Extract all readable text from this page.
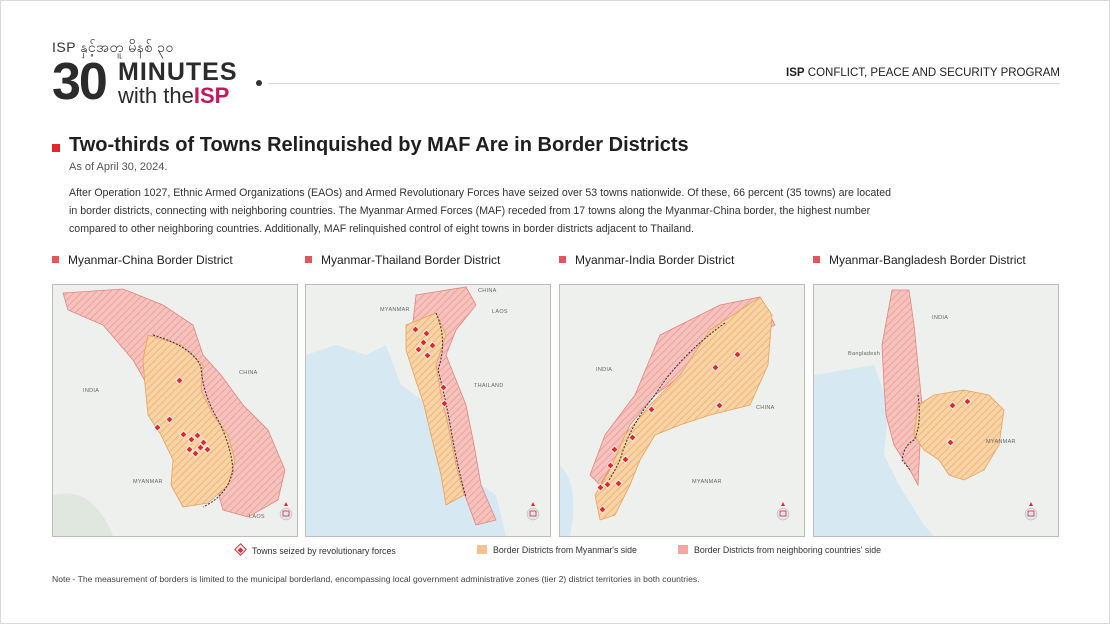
ISP နှင့်အတူ မိနစ် ၃၀
30 MINUTES
with theISP
ISP CONFLICT, PEACE AND SECURITY PROGRAM
Two-thirds of Towns Relinquished by MAF Are in Border Districts
As of April 30, 2024.
After Operation 1027, Ethnic Armed Organizations (EAOs) and Armed Revolutionary Forces have seized over 53 towns nationwide. Of these, 66 percent (35 towns) are located in border districts, connecting with neighboring countries. The Myanmar Armed Forces (MAF) receded from 17 towns along the Myanmar-China border, the highest number compared to other neighboring countries. Additionally, MAF relinquished control of eight towns in border districts adjacent to Thailand.
Myanmar-China Border District	Myanmar-Thailand Border District	Myanmar-India Border District	Myanmar-Bangladesh Border District
INDIA
CHINA
MYANMAR
LAOS
CHINA
MYANMAR	LAOS
THAILAND
INDIA
CHINA
MYANMAR
INDIA
Bangladesh
MYANMAR
Towns seized by revolutionary forces	Border Districts from Myanmar's side	Border Districts from neighboring countries' side
Note - The measurement of borders is limited to the municipal borderland, encompassing local government administrative zones (tier 2) district territories in both countries.
